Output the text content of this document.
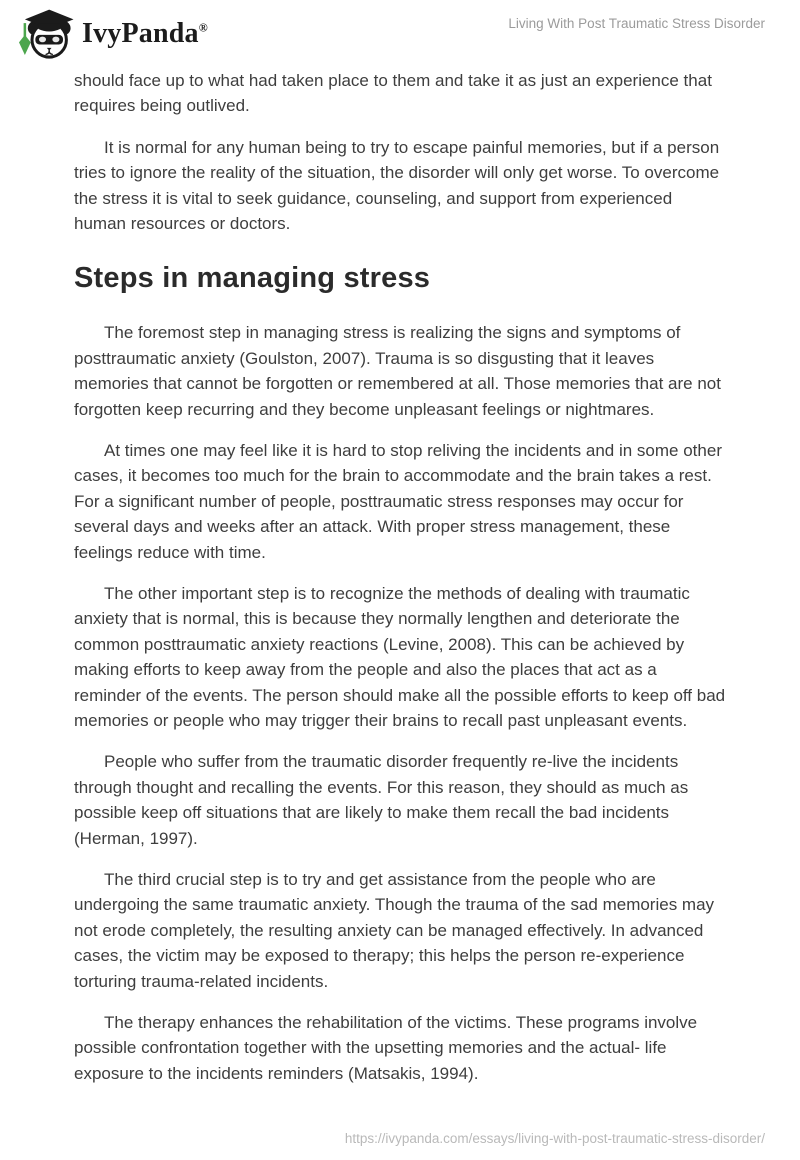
IvyPanda®	Living With Post Traumatic Stress Disorder

should face up to what had taken place to them and take it as just an experience that requires being outlived.

It is normal for any human being to try to escape painful memories, but if a person tries to ignore the reality of the situation, the disorder will only get worse. To overcome the stress it is vital to seek guidance, counseling, and support from experienced human resources or doctors.

Steps in managing stress

The foremost step in managing stress is realizing the signs and symptoms of posttraumatic anxiety (Goulston, 2007). Trauma is so disgusting that it leaves memories that cannot be forgotten or remembered at all. Those memories that are not forgotten keep recurring and they become unpleasant feelings or nightmares.

At times one may feel like it is hard to stop reliving the incidents and in some other cases, it becomes too much for the brain to accommodate and the brain takes a rest. For a significant number of people, posttraumatic stress responses may occur for several days and weeks after an attack. With proper stress management, these feelings reduce with time.

The other important step is to recognize the methods of dealing with traumatic anxiety that is normal, this is because they normally lengthen and deteriorate the common posttraumatic anxiety reactions (Levine, 2008). This can be achieved by making efforts to keep away from the people and also the places that act as a reminder of the events. The person should make all the possible efforts to keep off bad memories or people who may trigger their brains to recall past unpleasant events.

People who suffer from the traumatic disorder frequently re-live the incidents through thought and recalling the events. For this reason, they should as much as possible keep off situations that are likely to make them recall the bad incidents (Herman, 1997).

The third crucial step is to try and get assistance from the people who are undergoing the same traumatic anxiety. Though the trauma of the sad memories may not erode completely, the resulting anxiety can be managed effectively. In advanced cases, the victim may be exposed to therapy; this helps the person re-experience torturing trauma-related incidents.

The therapy enhances the rehabilitation of the victims. These programs involve possible confrontation together with the upsetting memories and the actual- life exposure to the incidents reminders (Matsakis, 1994).

https://ivypanda.com/essays/living-with-post-traumatic-stress-disorder/
